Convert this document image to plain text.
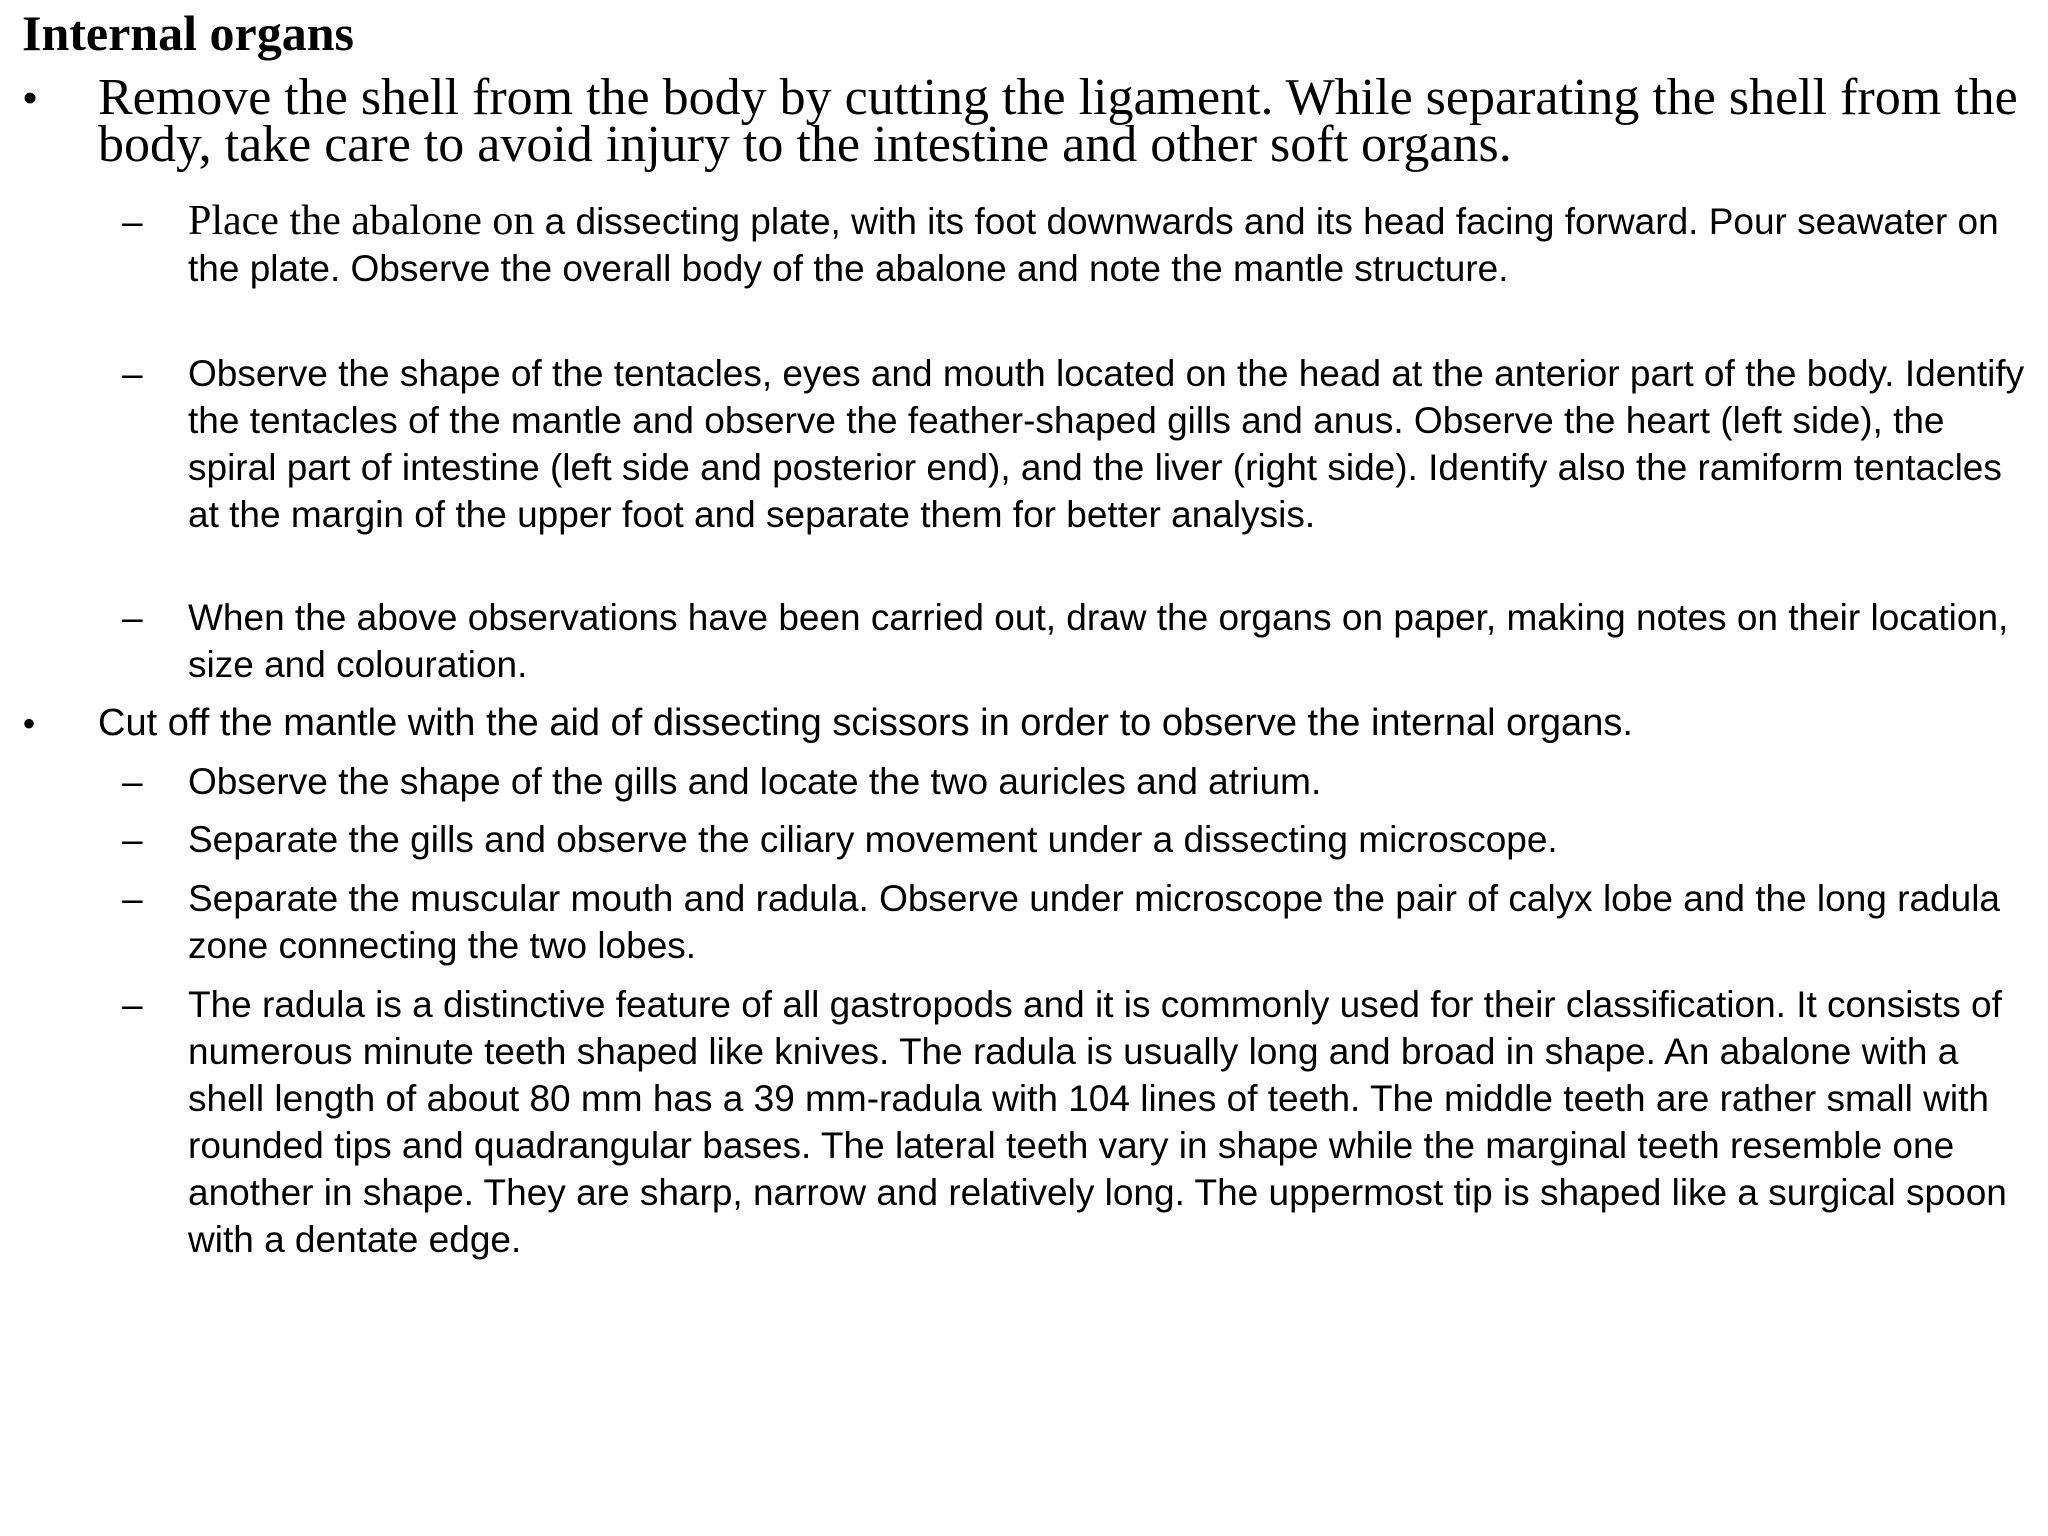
Internal organs

• Remove the shell from the body by cutting the ligament. While separating the shell from the body, take care to avoid injury to the intestine and other soft organs.

– Place the abalone on a dissecting plate, with its foot downwards and its head facing forward. Pour seawater on the plate. Observe the overall body of the abalone and note the mantle structure.

– Observe the shape of the tentacles, eyes and mouth located on the head at the anterior part of the body. Identify the tentacles of the mantle and observe the feather-shaped gills and anus. Observe the heart (left side), the spiral part of intestine (left side and posterior end), and the liver (right side). Identify also the ramiform tentacles at the margin of the upper foot and separate them for better analysis.

– When the above observations have been carried out, draw the organs on paper, making notes on their location, size and colouration.

• Cut off the mantle with the aid of dissecting scissors in order to observe the internal organs.

– Observe the shape of the gills and locate the two auricles and atrium.

– Separate the gills and observe the ciliary movement under a dissecting microscope.

– Separate the muscular mouth and radula. Observe under microscope the pair of calyx lobe and the long radula zone connecting the two lobes.

– The radula is a distinctive feature of all gastropods and it is commonly used for their classification. It consists of numerous minute teeth shaped like knives. The radula is usually long and broad in shape. An abalone with a shell length of about 80 mm has a 39 mm-radula with 104 lines of teeth. The middle teeth are rather small with rounded tips and quadrangular bases. The lateral teeth vary in shape while the marginal teeth resemble one another in shape. They are sharp, narrow and relatively long. The uppermost tip is shaped like a surgical spoon with a dentate edge.
